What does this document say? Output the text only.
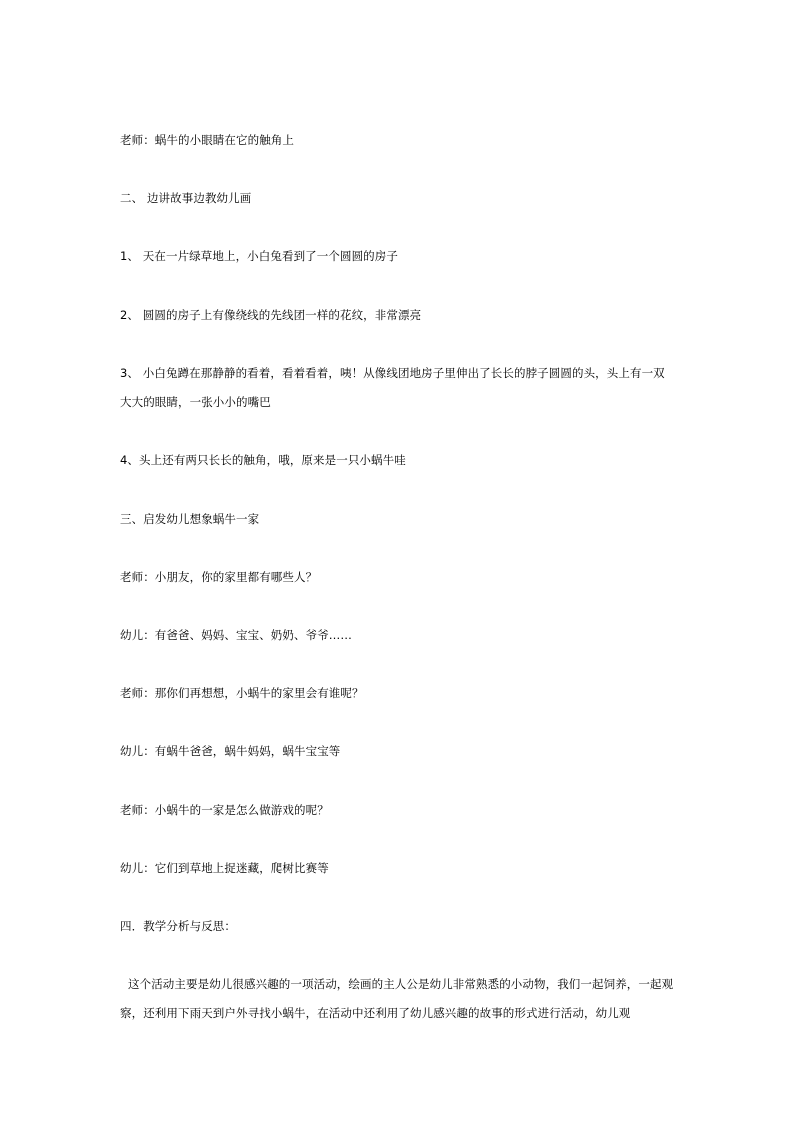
老师：蜗牛的小眼睛在它的触角上
二、 边讲故事边教幼儿画
1、 天在一片绿草地上，小白兔看到了一个圆圆的房子
2、 圆圆的房子上有像绕线的先线团一样的花纹，非常漂亮
3、 小白兔蹲在那静静的看着，看着看着，咦！从像线团地房子里伸出了长长的脖子圆圆的头，头上有一双大大的眼睛，一张小小的嘴巴
4、头上还有两只长长的触角，哦，原来是一只小蜗牛哇
三、启发幼儿想象蜗牛一家
老师：小朋友，你的家里都有哪些人？
幼儿：有爸爸、妈妈、宝宝、奶奶、爷爷……
老师：那你们再想想，小蜗牛的家里会有谁呢？
幼儿：有蜗牛爸爸，蜗牛妈妈，蜗牛宝宝等
老师：小蜗牛的一家是怎么做游戏的呢？
幼儿：它们到草地上捉迷藏，爬树比赛等
四．教学分析与反思：
这个活动主要是幼儿很感兴趣的一项活动，绘画的主人公是幼儿非常熟悉的小动物，我们一起饲养，一起观察，还利用下雨天到户外寻找小蜗牛，在活动中还利用了幼儿感兴趣的故事的形式进行活动，幼儿观
